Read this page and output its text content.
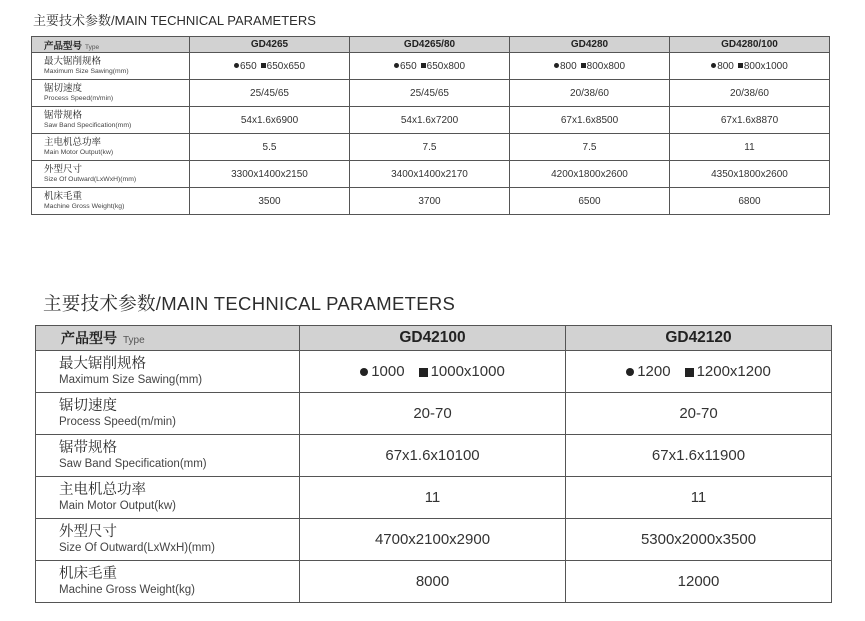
主要技术参数/MAIN TECHNICAL PARAMETERS
产品型号 Type	GD4265	GD4265/80	GD4280	GD4280/100

最大锯削规格
Maximum Size Sawing(mm)	650 650x650	650 650x800	800 800x800	800 800x1000

锯切速度
Process Speed(m/min)	25/45/65	25/45/65	20/38/60	20/38/60

锯带规格
Saw Band Specification(mm)	54x1.6x6900	54x1.6x7200	67x1.6x8500	67x1.6x8870

主电机总功率
Main Motor Output(kw)	5.5	7.5	7.5	11

外型尺寸
Size Of Outward(LxWxH)(mm)	3300x1400x2150	3400x1400x2170	4200x1800x2600	4350x1800x2600

机床毛重
Machine Gross Weight(kg)	3500	3700	6500	6800
主要技术参数/MAIN TECHNICAL PARAMETERS
产品型号 Type	GD42100	GD42120

最大锯削规格
Maximum Size Sawing(mm)	1000 1000x1000	1200 1200x1200

锯切速度
Process Speed(m/min)	20-70	20-70

锯带规格
Saw Band Specification(mm)	67x1.6x10100	67x1.6x11900

主电机总功率
Main Motor Output(kw)	11	11

外型尺寸
Size Of Outward(LxWxH)(mm)	4700x2100x2900	5300x2000x3500

机床毛重
Machine Gross Weight(kg)	8000	12000
